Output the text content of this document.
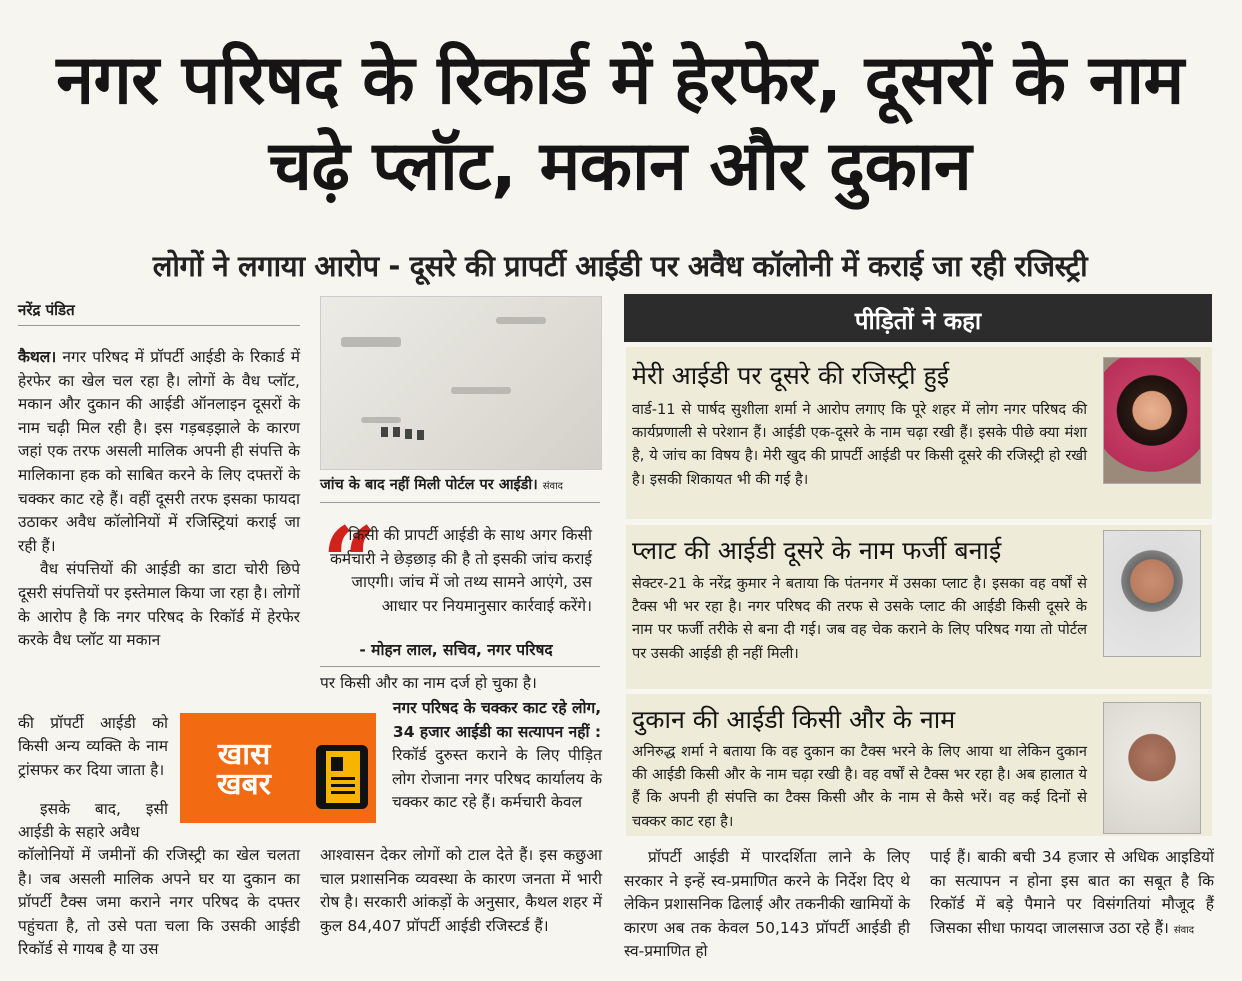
नगर परिषद के रिकार्ड में हेरफेर, दूसरों के नाम चढ़े प्लॉट, मकान और दुकान
लोगों ने लगाया आरोप - दूसरे की प्रापर्टी आईडी पर अवैध कॉलोनी में कराई जा रही रजिस्ट्री
नरेंद्र पंडित

कैथल। नगर परिषद में प्रॉपर्टी आईडी के रिकार्ड में हेरफेर का खेल चल रहा है। लोगों के वैध प्लॉट, मकान और दुकान की आईडी ऑनलाइन दूसरों के नाम चढ़ी मिल रही है। इस गड़बड़झाले के कारण जहां एक तरफ असली मालिक अपनी ही संपत्ति के मालिकाना हक को साबित करने के लिए दफ्तरों के चक्कर काट रहे हैं। वहीं दूसरी तरफ इसका फायदा उठाकर अवैध कॉलोनियों में रजिस्ट्रियां कराई जा रही हैं।

वैध संपत्तियों की आईडी का डाटा चोरी छिपे दूसरी संपत्तियों पर इस्तेमाल किया जा रहा है। लोगों के आरोप है कि नगर परिषद के रिकॉर्ड में हेरफेर करके वैध प्लॉट या मकान

की प्रॉपर्टी आईडी को किसी अन्य व्यक्ति के नाम ट्रांसफर कर दिया जाता है।

इसके बाद, इसी आईडी के सहारे अवैध

कॉलोनियों में जमीनों की रजिस्ट्री का खेल चलता है। जब असली मालिक अपने घर या दुकान का प्रॉपर्टी टैक्स जमा कराने नगर परिषद के दफ्तर पहुंचता है, तो उसे पता चला कि उसकी आईडी रिकॉर्ड से गायब है या उस

जांच के बाद नहीं मिली पोर्टल पर आईडी। संवाद
“
किसी की प्रापर्टी आईडी के साथ अगर किसी कर्मचारी ने छेड़छाड़ की है तो इसकी जांच कराई जाएगी। जांच में जो तथ्य सामने आएंगे, उस आधार पर नियमानुसार कार्रवाई करेंगे।
- मोहन लाल, सचिव, नगर परिषद
पर किसी और का नाम दर्ज हो चुका है।
नगर परिषद के चक्कर काट रहे लोग, 34 हजार आईडी का सत्यापन नहीं :
रिकॉर्ड दुरुस्त कराने के लिए पीड़ित लोग रोजाना नगर परिषद कार्यालय के चक्कर काट रहे हैं। कर्मचारी केवल

आश्वासन देकर लोगों को टाल देते हैं। इस कछुआ चाल प्रशासनिक व्यवस्था के कारण जनता में भारी रोष है। सरकारी आंकड़ों के अनुसार, कैथल शहर में कुल 84,407 प्रॉपर्टी आईडी रजिस्टर्ड हैं।

खास
खबर
पीड़ितों ने कहा
मेरी आईडी पर दूसरे की रजिस्ट्री हुई

वार्ड-11 से पार्षद सुशीला शर्मा ने आरोप लगाए कि पूरे शहर में लोग नगर परिषद की कार्यप्रणाली से परेशान हैं। आईडी एक-दूसरे के नाम चढ़ा रखी हैं। इसके पीछे क्या मंशा है, ये जांच का विषय है। मेरी खुद की प्रापर्टी आईडी पर किसी दूसरे की रजिस्ट्री हो रखी है। इसकी शिकायत भी की गई है।

प्लाट की आईडी दूसरे के नाम फर्जी बनाई

सेक्टर-21 के नरेंद्र कुमार ने बताया कि पंतनगर में उसका प्लाट है। इसका वह वर्षों से टैक्स भी भर रहा है। नगर परिषद की तरफ से उसके प्लाट की आईडी किसी दूसरे के नाम पर फर्जी तरीके से बना दी गई। जब वह चेक कराने के लिए परिषद गया तो पोर्टल पर उसकी आईडी ही नहीं मिली।

दुकान की आईडी किसी और के नाम

अनिरुद्ध शर्मा ने बताया कि वह दुकान का टैक्स भरने के लिए आया था लेकिन दुकान की आईडी किसी और के नाम चढ़ा रखी है। वह वर्षों से टैक्स भर रहा है। अब हालात ये हैं कि अपनी ही संपत्ति का टैक्स किसी और के नाम से कैसे भरें। वह कई दिनों से चक्कर काट रहा है।

प्रॉपर्टी आईडी में पारदर्शिता लाने के लिए सरकार ने इन्हें स्व-प्रमाणित करने के निर्देश दिए थे लेकिन प्रशासनिक ढिलाई और तकनीकी खामियों के कारण अब तक केवल 50,143 प्रॉपर्टी आईडी ही स्व-प्रमाणित हो

पाई हैं। बाकी बची 34 हजार से अधिक आइडियों का सत्यापन न होना इस बात का सबूत है कि रिकॉर्ड में बड़े पैमाने पर विसंगतियां मौजूद हैं जिसका सीधा फायदा जालसाज उठा रहे हैं। संवाद
